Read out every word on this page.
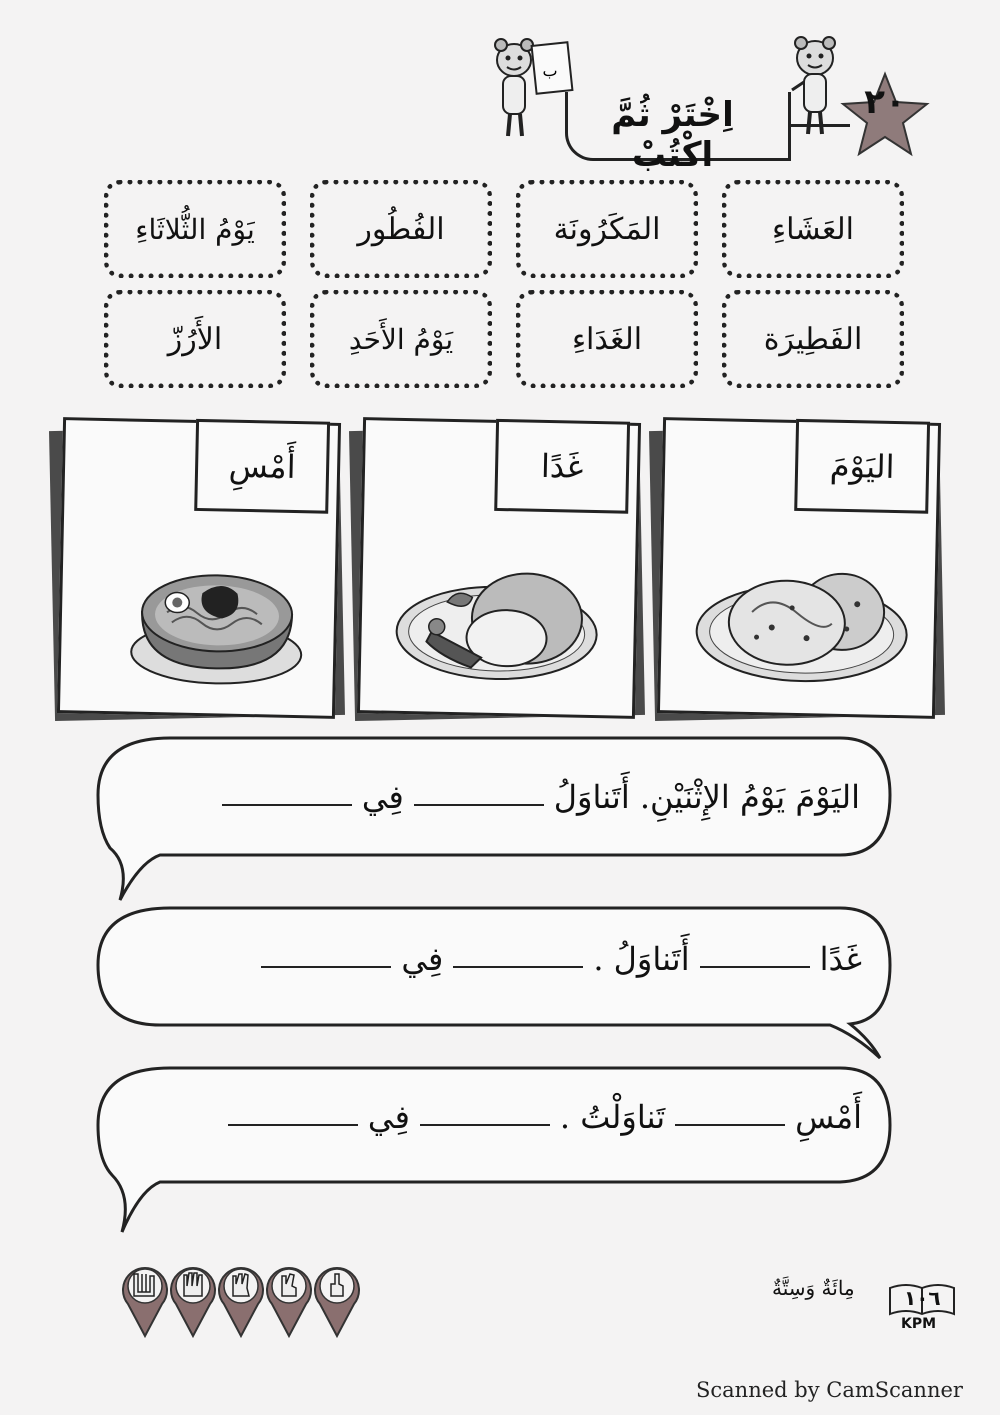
٢٠
اِخْتَرْ ثُمَّ اكْتُبْ
ب
العَشَاءِ
المَكَرُونَة
الفُطُور
يَوْمُ الثُّلاثَاءِ
الفَطِيرَة
الغَدَاءِ
يَوْمُ الأَحَدِ
الأَرُزّ
اليَوْمَ
غَدًا
أَمْسِ
اليَوْمَ يَوْمُ الإِثْنَيْنِ. أَتَناوَلُ
فِي
غَدًا
. أَتَناوَلُ
فِي
أَمْسِ
. تَناوَلْتُ
فِي
١٠٦
مِائَةٌ وَسِتَّةٌ
KPM
Scanned by CamScanner
